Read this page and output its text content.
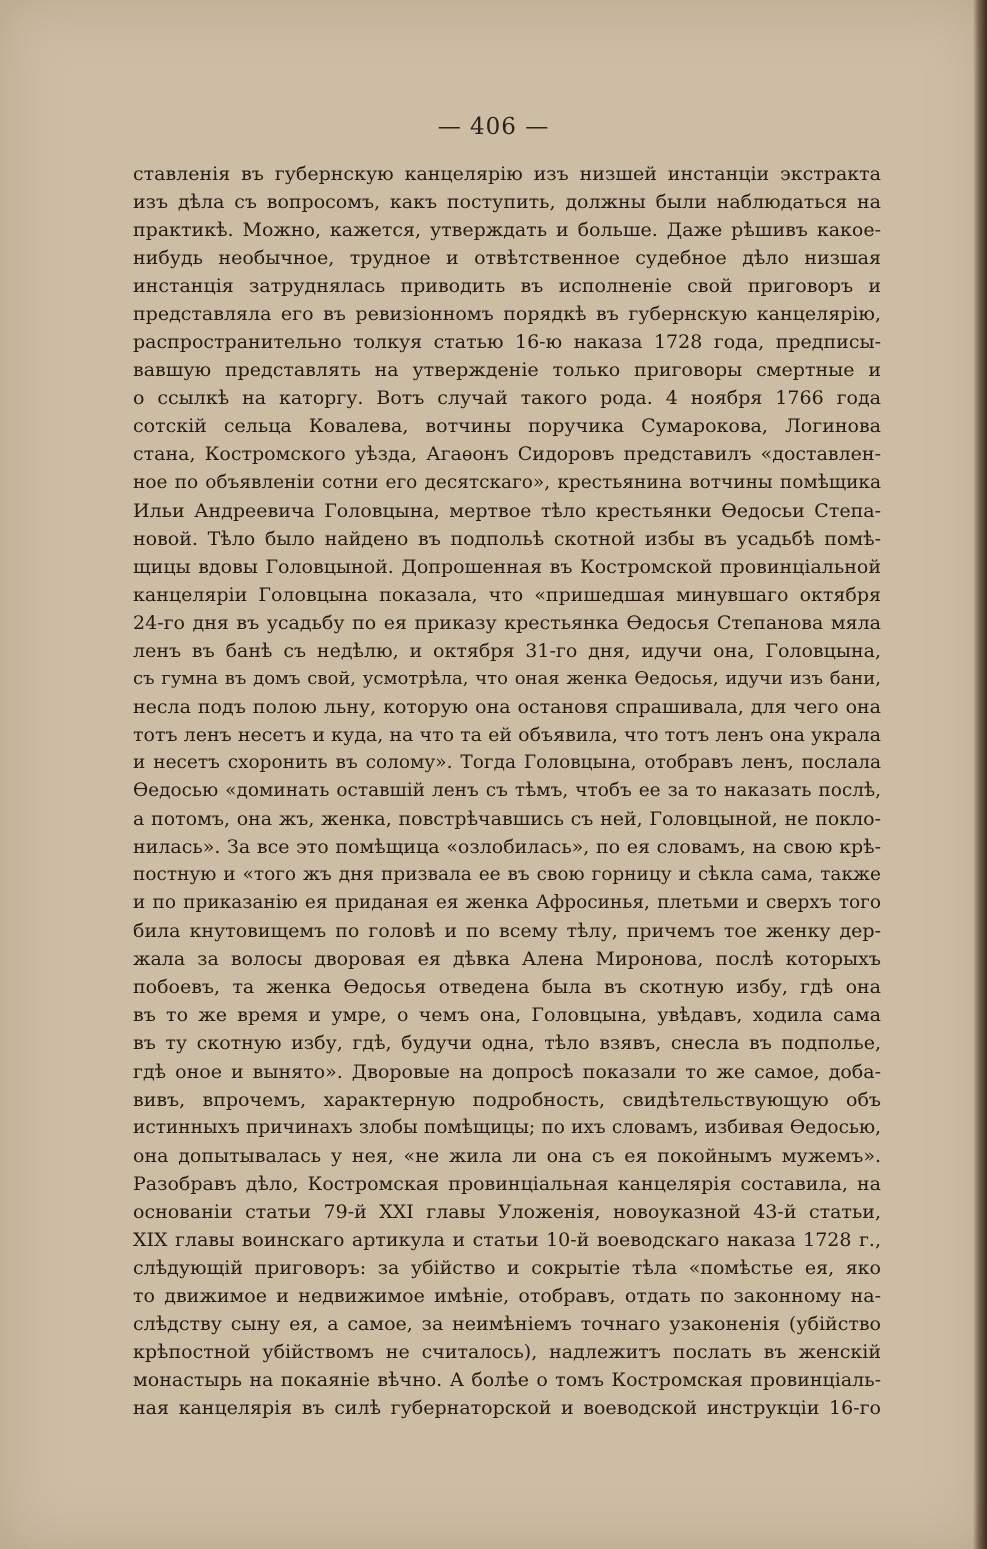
— 406 —
ставленія въ губернскую канцелярію изъ низшей инстанціи экстракта
изъ дѣла съ вопросомъ, какъ поступить, должны были наблюдаться на
практикѣ. Можно, кажется, утверждать и больше. Даже рѣшивъ какое-
нибудь необычное, трудное и отвѣтственное судебное дѣло низшая
инстанція затруднялась приводить въ исполненіе свой приговоръ и
представляла его въ ревизіонномъ порядкѣ въ губернскую канцелярію,
распространительно толкуя статью 16-ю наказа 1728 года, предписы-
вавшую представлять на утвержденіе только приговоры смертные и
о ссылкѣ на каторгу. Вотъ случай такого рода. 4 ноября 1766 года
сотскій сельца Ковалева, вотчины поручика Сумарокова, Логинова
стана, Костромского уѣзда, Агаѳонъ Сидоровъ представилъ «доставлен-
ное по объявленіи сотни его десятскаго», крестьянина вотчины помѣщика
Ильи Андреевича Головцына, мертвое тѣло крестьянки Ѳедосьи Степа-
новой. Тѣло было найдено въ подпольѣ скотной избы въ усадьбѣ помѣ-
щицы вдовы Головцыной. Допрошенная въ Костромской провинціальной
канцеляріи Головцына показала, что «пришедшая минувшаго октября
24-го дня въ усадьбу по ея приказу крестьянка Ѳедосья Степанова мяла
ленъ въ банѣ съ недѣлю, и октября 31-го дня, идучи она, Головцына,
съ гумна въ домъ свой, усмотрѣла, что оная женка Ѳедосья, идучи изъ бани,
несла подъ полою льну, которую она остановя спрашивала, для чего она
тотъ ленъ несетъ и куда, на что та ей объявила, что тотъ ленъ она украла
и несетъ схоронить въ солому». Тогда Головцына, отобравъ ленъ, послала
Ѳедосью «доминать оставшій ленъ съ тѣмъ, чтобъ ее за то наказать послѣ,
а потомъ, она жъ, женка, повстрѣчавшись съ ней, Головцыной, не покло-
нилась». За все это помѣщица «озлобилась», по ея словамъ, на свою крѣ-
постную и «того жъ дня призвала ее въ свою горницу и сѣкла сама, также
и по приказанію ея приданая ея женка Афросинья, плетьми и сверхъ того
била кнутовищемъ по головѣ и по всему тѣлу, причемъ тое женку дер-
жала за волосы дворовая ея дѣвка Алена Миронова, послѣ которыхъ
побоевъ, та женка Ѳедосья отведена была въ скотную избу, гдѣ она
въ то же время и умре, о чемъ она, Головцына, увѣдавъ, ходила сама
въ ту скотную избу, гдѣ, будучи одна, тѣло взявъ, снесла въ подполье,
гдѣ оное и вынято». Дворовые на допросѣ показали то же самое, доба-
вивъ, впрочемъ, характерную подробность, свидѣтельствующую объ
истинныхъ причинахъ злобы помѣщицы; по ихъ словамъ, избивая Ѳедосью,
она допытывалась у нея, «не жила ли она съ ея покойнымъ мужемъ».
Разобравъ дѣло, Костромская провинціальная канцелярія составила, на
основаніи статьи 79-й XXI главы Уложенія, новоуказной 43-й статьи,
XIX главы воинскаго артикула и статьи 10-й воеводскаго наказа 1728 г.,
слѣдующій приговоръ: за убійство и сокрытіе тѣла «помѣстье ея, яко
то движимое и недвижимое имѣніе, отобравъ, отдать по законному на-
слѣдству сыну ея, а самое, за неимѣніемъ точнаго узаконенія (убійство
крѣпостной убійствомъ не считалось), надлежитъ послать въ женскій
монастырь на покаяніе вѣчно. А болѣе о томъ Костромская провинціаль-
ная канцелярія въ силѣ губернаторской и воеводской инструкціи 16-го
